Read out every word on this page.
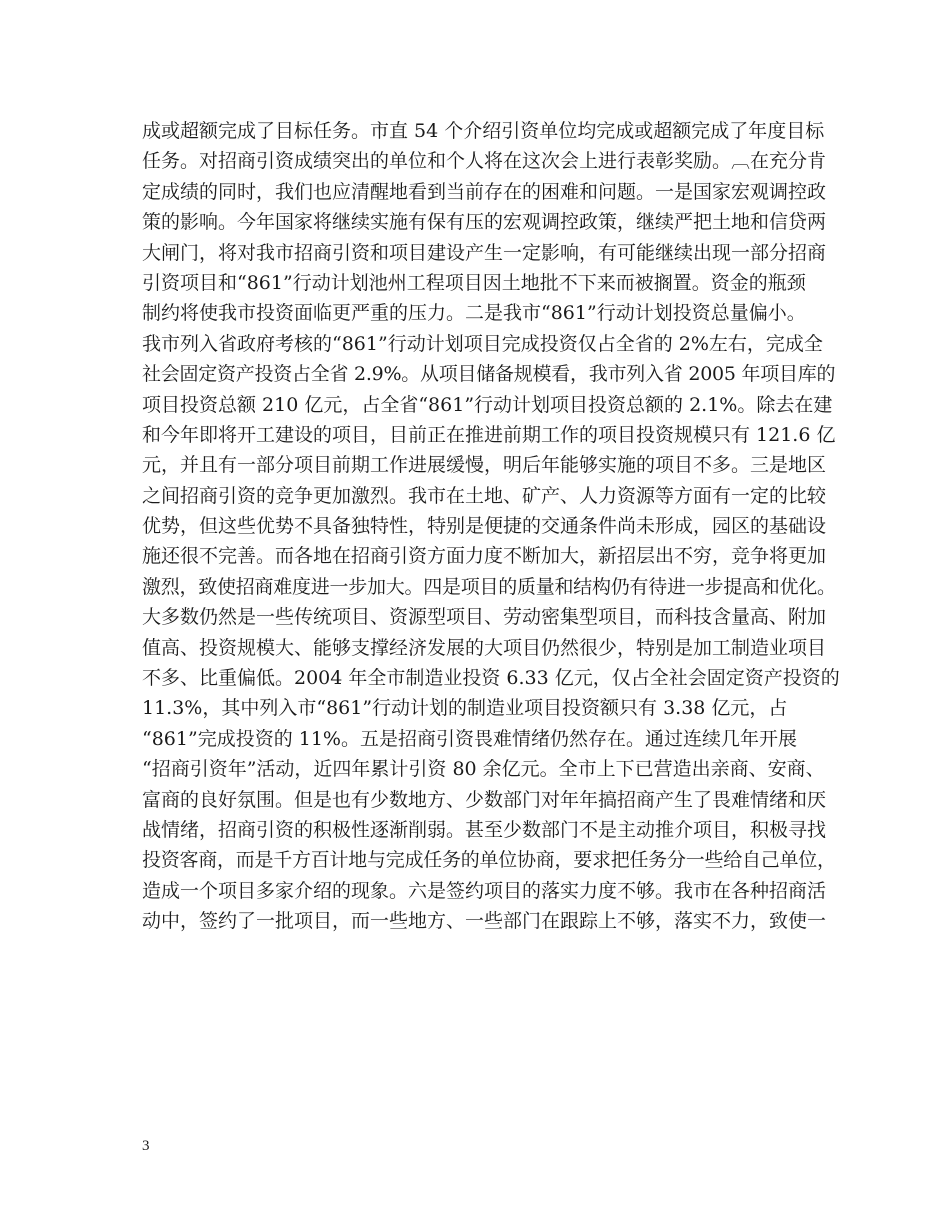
成或超额完成了目标任务。市直 54 个介绍引资单位均完成或超额完成了年度目标
任务。对招商引资成绩突出的单位和个人将在这次会上进行表彰奖励。︹在充分肯
定成绩的同时，我们也应清醒地看到当前存在的困难和问题。一是国家宏观调控政
策的影响。今年国家将继续实施有保有压的宏观调控政策，继续严把土地和信贷两
大闸门，将对我市招商引资和项目建设产生一定影响，有可能继续出现一部分招商
引资项目和“861”行动计划池州工程项目因土地批不下来而被搁置。资金的瓶颈
制约将使我市投资面临更严重的压力。二是我市“861”行动计划投资总量偏小。
我市列入省政府考核的“861”行动计划项目完成投资仅占全省的 2%左右，完成全
社会固定资产投资占全省 2.9%。从项目储备规模看，我市列入省 2005 年项目库的
项目投资总额 210 亿元，占全省“861”行动计划项目投资总额的 2.1%。除去在建
和今年即将开工建设的项目，目前正在推进前期工作的项目投资规模只有 121.6 亿
元，并且有一部分项目前期工作进展缓慢，明后年能够实施的项目不多。三是地区
之间招商引资的竞争更加激烈。我市在土地、矿产、人力资源等方面有一定的比较
优势，但这些优势不具备独特性，特别是便捷的交通条件尚未形成，园区的基础设
施还很不完善。而各地在招商引资方面力度不断加大，新招层出不穷，竞争将更加
激烈，致使招商难度进一步加大。四是项目的质量和结构仍有待进一步提高和优化。
大多数仍然是一些传统项目、资源型项目、劳动密集型项目，而科技含量高、附加
值高、投资规模大、能够支撑经济发展的大项目仍然很少，特别是加工制造业项目
不多、比重偏低。2004 年全市制造业投资 6.33 亿元，仅占全社会固定资产投资的
11.3%，其中列入市“861”行动计划的制造业项目投资额只有 3.38 亿元，占
“861”完成投资的 11%。五是招商引资畏难情绪仍然存在。通过连续几年开展
“招商引资年”活动，近四年累计引资 80 余亿元。全市上下已营造出亲商、安商、
富商的良好氛围。但是也有少数地方、少数部门对年年搞招商产生了畏难情绪和厌
战情绪，招商引资的积极性逐渐削弱。甚至少数部门不是主动推介项目，积极寻找
投资客商，而是千方百计地与完成任务的单位协商，要求把任务分一些给自己单位，
造成一个项目多家介绍的现象。六是签约项目的落实力度不够。我市在各种招商活
动中，签约了一批项目，而一些地方、一些部门在跟踪上不够，落实不力，致使一
3
